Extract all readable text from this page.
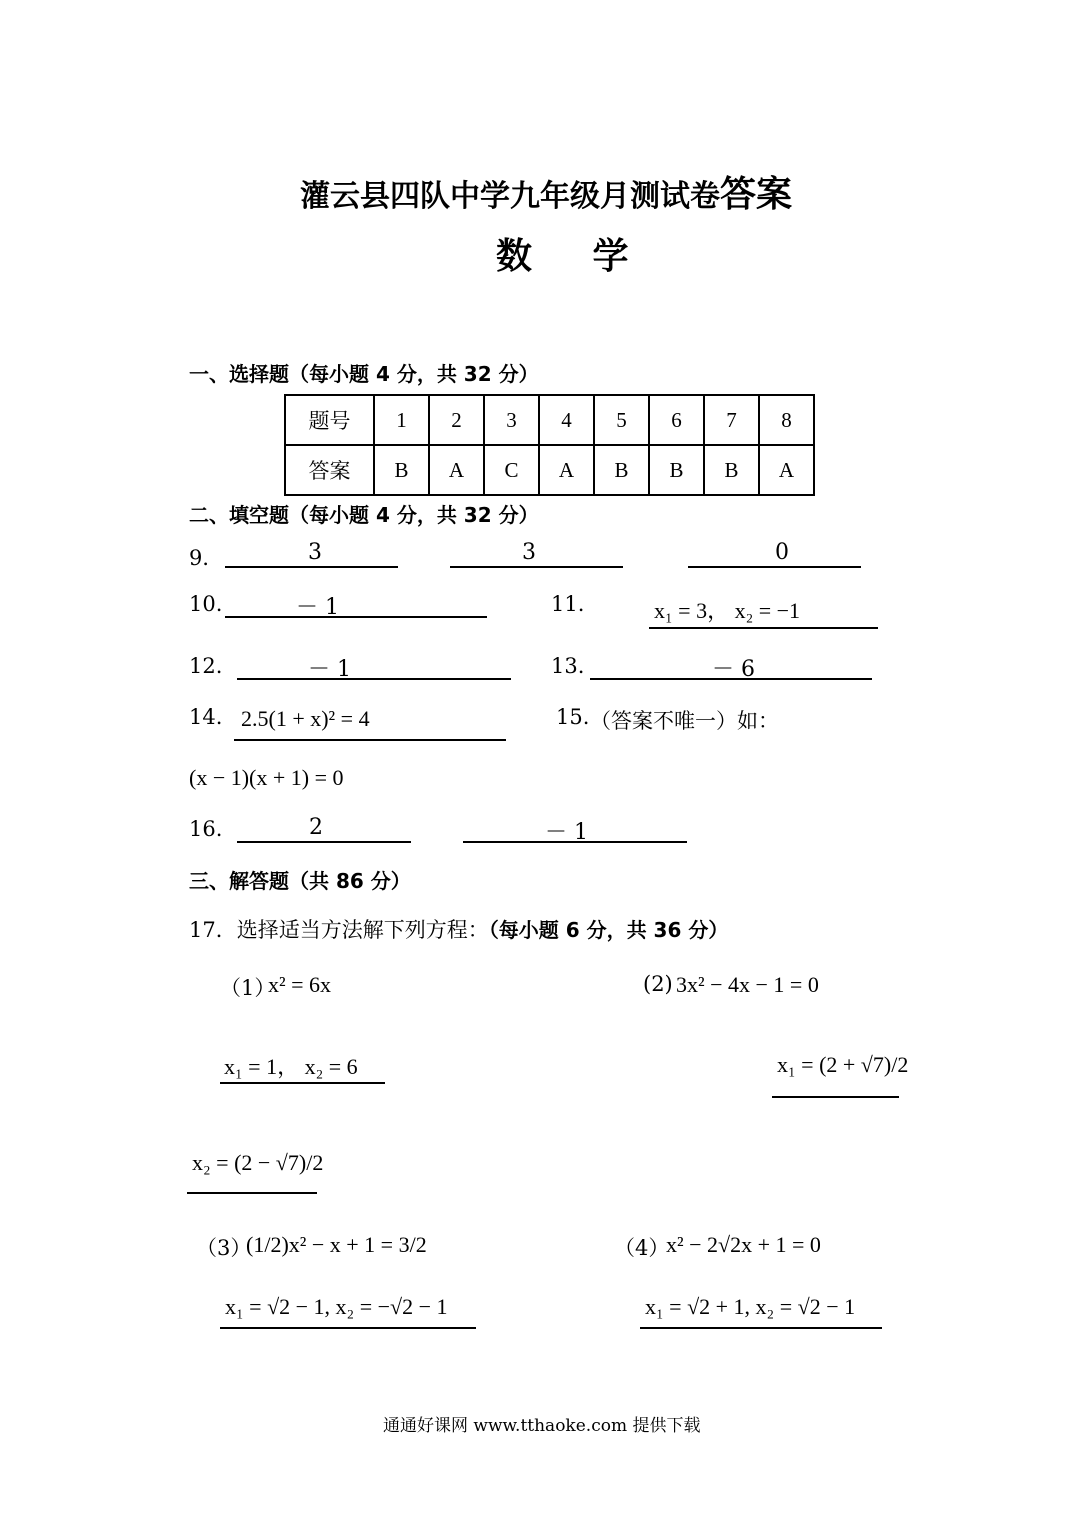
灌云县四队中学九年级月测试卷答案
数 学
一、选择题（每小题 4 分，共 32 分）
题号	1	2	3	4	5	6	7	8
答案	B	A	C	A	B	B	B	A
二、填空题（每小题 4 分，共 32 分）
9．	3	3	0
10.	－ 1	11.	x₁ = 3， x₂ = −1
12.	－ 1	13.	－ 6
14. 2.5(1 + x)² = 4	15. （答案不唯一）如：
(x − 1)(x + 1) = 0
16.	2	－ 1
三、解答题（共 86 分）
17．选择适当方法解下列方程：（每小题 6 分，共 36 分）
（1）
x² = 6x
x₁ = 1， x₂ = 6
(2) 3x² − 4x − 1 = 0
x₁ = (2 + √7)/2
x₂ = (2 − √7)/2
（3）
(1/2)x² − x + 1 = 3/2
x₁ = √2 − 1, x₂ = −√2 − 1
（4）
x² − 2√2x + 1 = 0
x₁ = √2 + 1, x₂ = √2 − 1
通通好课网 www.tthaoke.com 提供下载
